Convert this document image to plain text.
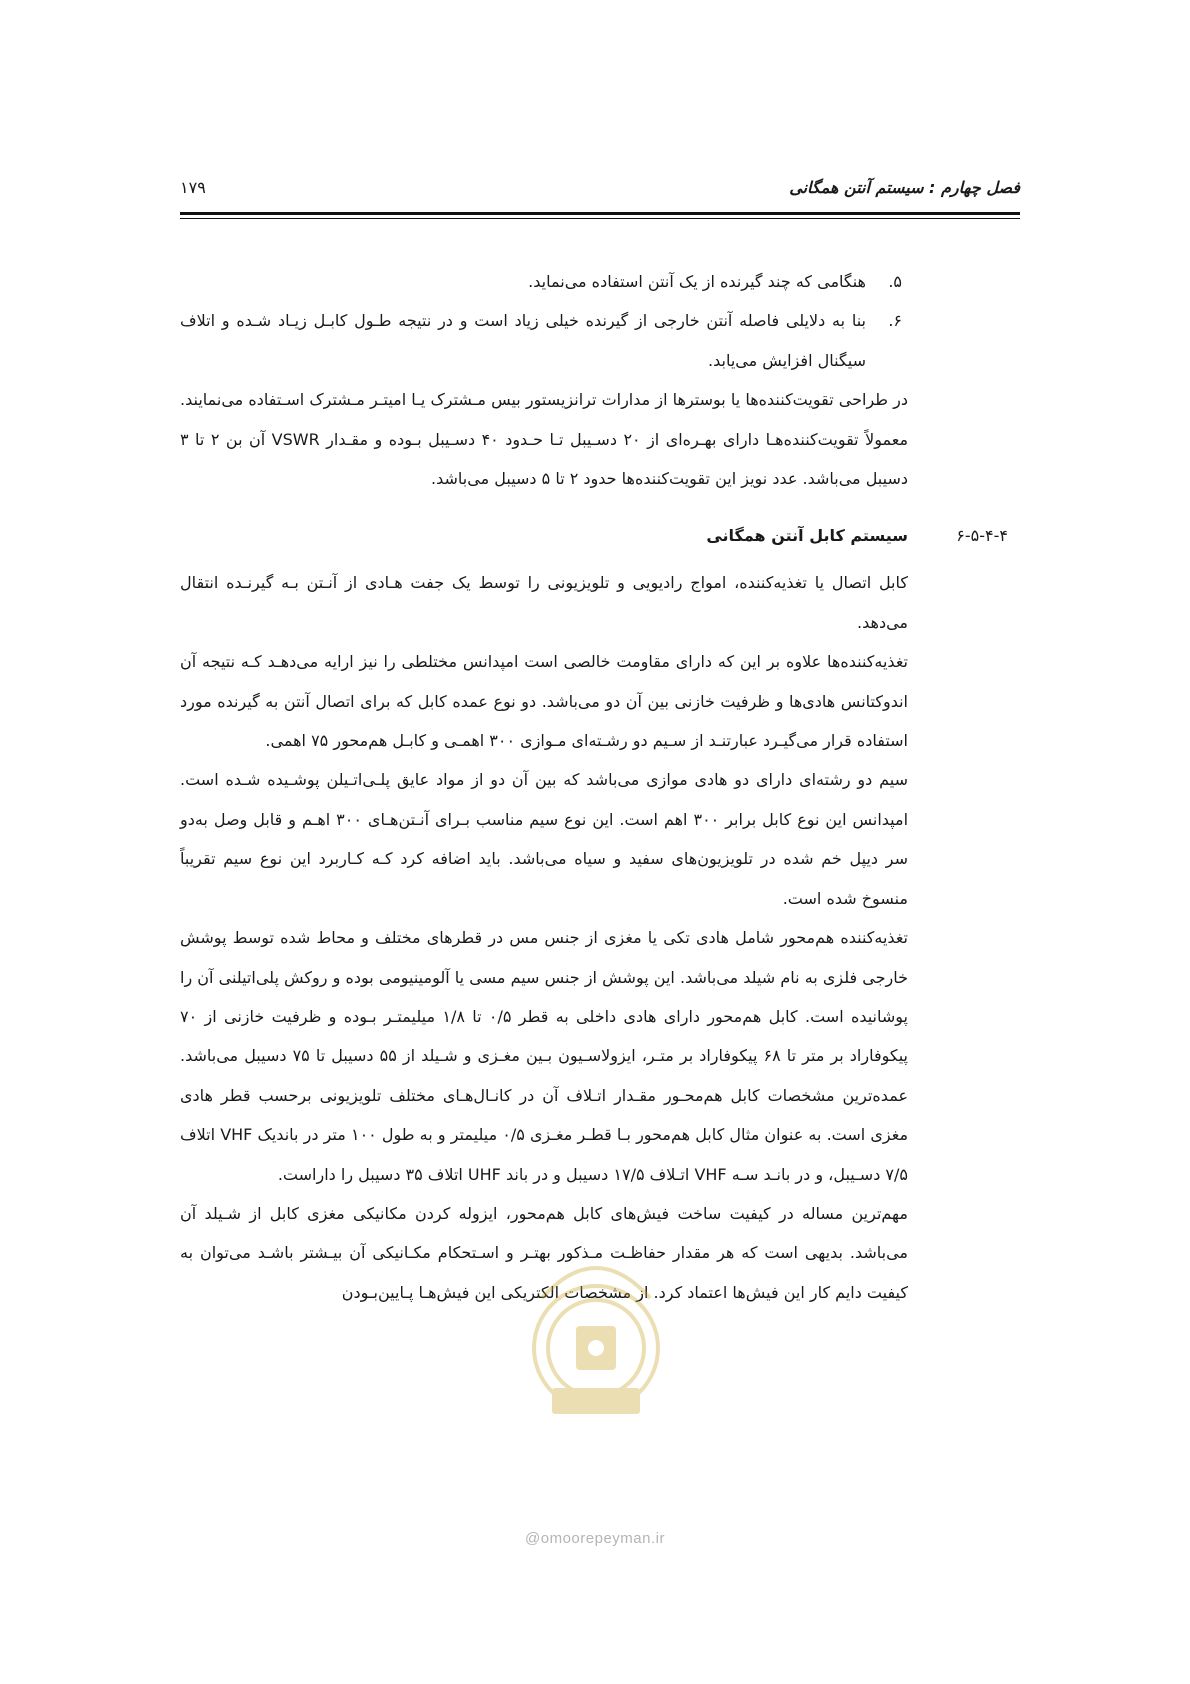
فصل چهارم : سیستم آنتن همگانی
۱۷۹

۵.
هنگامی که چند گیرنده از یک آنتن استفاده می‌نماید.

۶.
بنا به دلایلی فاصله آنتن خارجی از گیرنده خیلی زیاد است و در نتیجه طـول کابـل زیـاد شـده و اتلاف سیگنال افزایش می‌یابد.

در طراحی تقویت‌کننده‌ها یا بوسترها از مدارات ترانزیستور بیس مـشترک یـا امیتـر مـشترک اسـتفاده می‌نمایند. معمولاً تقویت‌کننده‌هـا دارای بهـره‌ای از ۲۰ دسـیبل تـا حـدود ۴۰ دسـیبل بـوده و مقـدار VSWR آن بن ۲ تا ۳ دسیبل می‌باشد. عدد نویز این تقویت‌کننده‌ها حدود ۲ تا ۵ دسیبل می‌باشد.

۶-۵-۴-۴
سیستم کابل آنتن همگانی

کابل اتصال یا تغذیه‌کننده، امواج رادیویی و تلویزیونی را توسط یک جفت هـادی از آنـتن بـه گیرنـده انتقال می‌دهد.

تغذیه‌کننده‌ها علاوه بر این که دارای مقاومت خالصی است امپدانس مختلطی را نیز ارایه می‌دهـد کـه نتیجه آن اندوکتانس هادی‌ها و ظرفیت خازنی بین آن دو می‌باشد. دو نوع عمده کابل که برای اتصال آنتن به گیرنده مورد استفاده قرار می‌گیـرد عبارتنـد از سـیم دو رشـته‌ای مـوازی ۳۰۰ اهمـی و کابـل هم‌محور ۷۵ اهمی.

سیم دو رشته‌ای دارای دو هادی موازی می‌باشد که بین آن دو از مواد عایق پلـی‌اتـیلن پوشـیده شـده است. امپدانس این نوع کابل برابر ۳۰۰ اهم است. این نوع سیم مناسب بـرای آنـتن‌هـای ۳۰۰ اهـم و قابل وصل به‌دو سر دیپل خم شده در تلویزیون‌های سفید و سیاه می‌باشد. باید اضافه کرد کـه کـاربرد این نوع سیم تقریباً منسوخ شده است.

تغذیه‌کننده هم‌محور شامل هادی تکی یا مغزی از جنس مس در قطرهای مختلف و محاط شده توسط پوشش خارجی فلزی به نام شیلد می‌باشد. این پوشش از جنس سیم مسی یا آلومینیومی بوده و روکش پلی‌اتیلنی آن را پوشانیده است. کابل هم‌محور دارای هادی داخلی به قطر ۰/۵ تا ۱/۸ میلیمتـر بـوده و ظرفیت خازنی از ۷۰ پیکوفاراد بر متر تا ۶۸ پیکوفاراد بر متـر، ایزولاسـیون بـین مغـزی و شـیلد از ۵۵ دسیبل تا ۷۵ دسیبل می‌باشد. عمده‌ترین مشخصات کابل هم‌محـور مقـدار اتـلاف آن در کانـال‌هـای مختلف تلویزیونی برحسب قطر هادی مغزی است. به عنوان مثال کابل هم‌محور بـا قطـر مغـزی ۰/۵ میلیمتر و به طول ۱۰۰ متر در باندیک VHF اتلاف ۷/۵ دسـیبل، و در بانـد سـه VHF اتـلاف ۱۷/۵ دسیبل و در باند UHF اتلاف ۳۵ دسیبل را داراست.

مهم‌ترین مساله در کیفیت ساخت فیش‌های کابل هم‌محور، ایزوله کردن مکانیکی مغزی کابل از شـیلد آن می‌باشد. بدیهی است که هر مقدار حفاظـت مـذکور بهتـر و اسـتحکام مکـانیکی آن بیـشتر باشـد می‌توان به کیفیت دایم کار این فیش‌ها اعتماد کرد. از مشخصات الکتریکی این فیش‌هـا پـایین‌بـودن

@omoorepeyman.ir
